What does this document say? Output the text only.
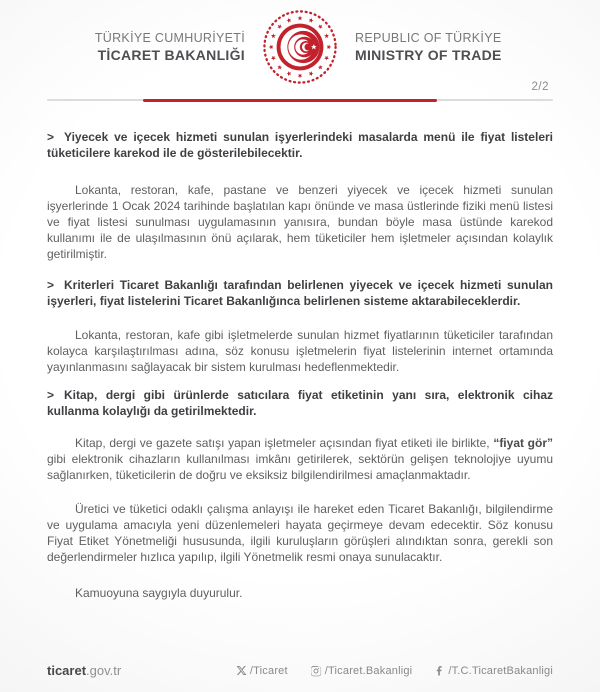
TÜRKİYE CUMHURİYETİ
TİCARET BAKANLIĞI
REPUBLIC OF TÜRKİYE
MINISTRY OF TRADE
2/2

> Yiyecek ve içecek hizmeti sunulan işyerlerindeki masalarda menü ile fiyat listeleri tüketicilere karekod ile de gösterilebilecektir.

Lokanta, restoran, kafe, pastane ve benzeri yiyecek ve içecek hizmeti sunulan işyerlerinde 1 Ocak 2024 tarihinde başlatılan kapı önünde ve masa üstlerinde fiziki menü listesi ve fiyat listesi sunulması uygulamasının yanısıra, bundan böyle masa üstünde karekod kullanımı ile de ulaşılmasının önü açılarak, hem tüketiciler hem işletmeler açısından kolaylık getirilmiştir.

> Kriterleri Ticaret Bakanlığı tarafından belirlenen yiyecek ve içecek hizmeti sunulan işyerleri, fiyat listelerini Ticaret Bakanlığınca belirlenen sisteme aktarabileceklerdir.

Lokanta, restoran, kafe gibi işletmelerde sunulan hizmet fiyatlarının tüketiciler tarafından kolayca karşılaştırılması adına, söz konusu işletmelerin fiyat listelerinin internet ortamında yayınlanmasını sağlayacak bir sistem kurulması hedeflenmektedir.

> Kitap, dergi gibi ürünlerde satıcılara fiyat etiketinin yanı sıra, elektronik cihaz kullanma kolaylığı da getirilmektedir.

Kitap, dergi ve gazete satışı yapan işletmeler açısından fiyat etiketi ile birlikte, “fiyat gör” gibi elektronik cihazların kullanılması imkânı getirilerek, sektörün gelişen teknolojiye uyumu sağlanırken, tüketicilerin de doğru ve eksiksiz bilgilendirilmesi amaçlanmaktadır.

Üretici ve tüketici odaklı çalışma anlayışı ile hareket eden Ticaret Bakanlığı, bilgilendirme ve uygulama amacıyla yeni düzenlemeleri hayata geçirmeye devam edecektir. Söz konusu Fiyat Etiket Yönetmeliği hususunda, ilgili kuruluşların görüşleri alındıktan sonra, gerekli son değerlendirmeler hızlıca yapılıp, ilgili Yönetmelik resmi onaya sunulacaktır.

Kamuoyuna saygıyla duyurulur.

ticaret.gov.tr	/Ticaret	/Ticaret.Bakanligi	/T.C.TicaretBakanligi
